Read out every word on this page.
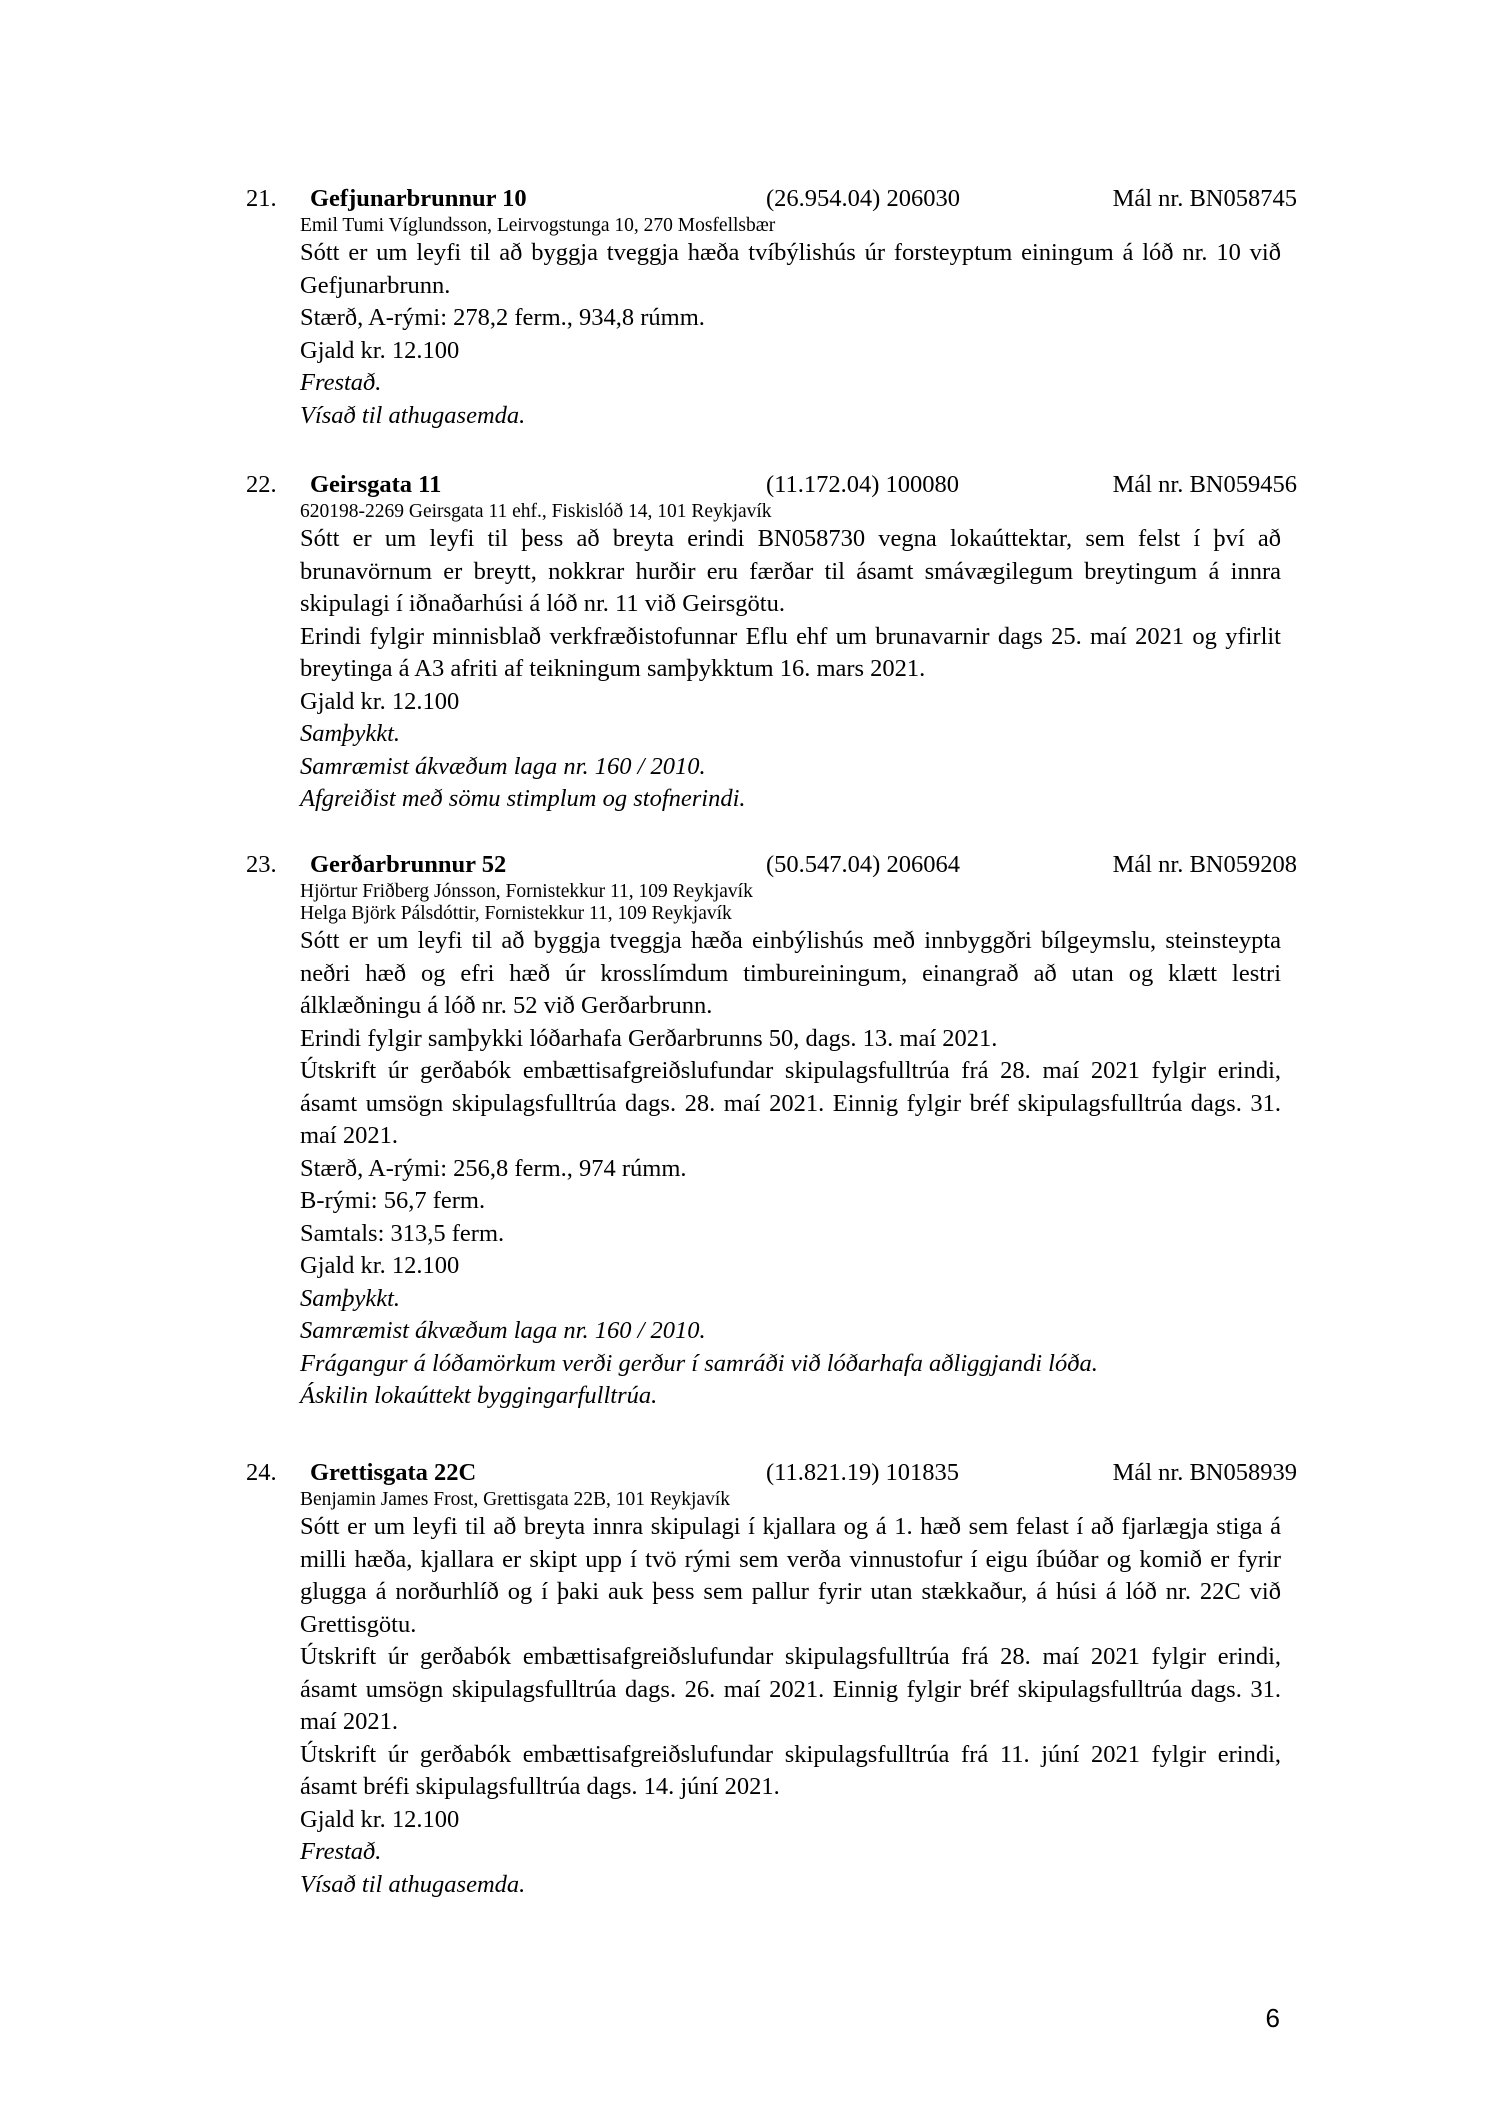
21. Gefjunarbrunnur 10	(26.954.04) 206030	Mál nr. BN058745
Emil Tumi Víglundsson, Leirvogstunga 10, 270 Mosfellsbær
Sótt er um leyfi til að byggja tveggja hæða tvíbýlishús úr forsteyptum einingum á lóð nr. 10 við Gefjunarbrunn.
Stærð, A-rými: 278,2 ferm., 934,8 rúmm.
Gjald kr. 12.100
Frestað.
Vísað til athugasemda.
22. Geirsgata 11	(11.172.04) 100080	Mál nr. BN059456
620198-2269 Geirsgata 11 ehf., Fiskislóð 14, 101 Reykjavík
Sótt er um leyfi til þess að breyta erindi BN058730 vegna lokaúttektar, sem felst í því að brunavörnum er breytt, nokkrar hurðir eru færðar til ásamt smávægilegum breytingum á innra skipulagi í iðnaðarhúsi á lóð nr. 11 við Geirsgötu.
Erindi fylgir minnisblað verkfræðistofunnar Eflu ehf um brunavarnir dags 25. maí 2021 og yfirlit breytinga á A3 afriti af teikningum samþykktum 16. mars 2021.
Gjald kr. 12.100
Samþykkt.
Samræmist ákvæðum laga nr. 160 / 2010.
Afgreiðist með sömu stimplum og stofnerindi.
23. Gerðarbrunnur 52	(50.547.04) 206064	Mál nr. BN059208
Hjörtur Friðberg Jónsson, Fornistekkur 11, 109 Reykjavík
Helga Björk Pálsdóttir, Fornistekkur 11, 109 Reykjavík
Sótt er um leyfi til að byggja tveggja hæða einbýlishús með innbyggðri bílgeymslu, steinsteypta neðri hæð og efri hæð úr krosslímdum timbureiningum, einangrað að utan og klætt lestri álklæðningu á lóð nr. 52 við Gerðarbrunn.
Erindi fylgir samþykki lóðarhafa Gerðarbrunns 50, dags. 13. maí 2021.
Útskrift úr gerðabók embættisafgreiðslufundar skipulagsfulltrúa frá 28. maí 2021 fylgir erindi, ásamt umsögn skipulagsfulltrúa dags. 28. maí 2021. Einnig fylgir bréf skipulagsfulltrúa dags. 31. maí 2021.
Stærð, A-rými: 256,8 ferm., 974 rúmm.
B-rými: 56,7 ferm.
Samtals: 313,5 ferm.
Gjald kr. 12.100
Samþykkt.
Samræmist ákvæðum laga nr. 160 / 2010.
Frágangur á lóðamörkum verði gerður í samráði við lóðarhafa aðliggjandi lóða.
Áskilin lokaúttekt byggingarfulltrúa.
24. Grettisgata 22C	(11.821.19) 101835	Mál nr. BN058939
Benjamin James Frost, Grettisgata 22B, 101 Reykjavík
Sótt er um leyfi til að breyta innra skipulagi í kjallara og á 1. hæð sem felast í að fjarlægja stiga á milli hæða, kjallara er skipt upp í tvö rými sem verða vinnustofur í eigu íbúðar og komið er fyrir glugga á norðurhlíð og í þaki auk þess sem pallur fyrir utan stækkaður, á húsi á lóð nr. 22C við Grettisgötu.
Útskrift úr gerðabók embættisafgreiðslufundar skipulagsfulltrúa frá 28. maí 2021 fylgir erindi, ásamt umsögn skipulagsfulltrúa dags. 26. maí 2021. Einnig fylgir bréf skipulagsfulltrúa dags. 31. maí 2021.
Útskrift úr gerðabók embættisafgreiðslufundar skipulagsfulltrúa frá 11. júní 2021 fylgir erindi, ásamt bréfi skipulagsfulltrúa dags. 14. júní 2021.
Gjald kr. 12.100
Frestað.
Vísað til athugasemda.
6
